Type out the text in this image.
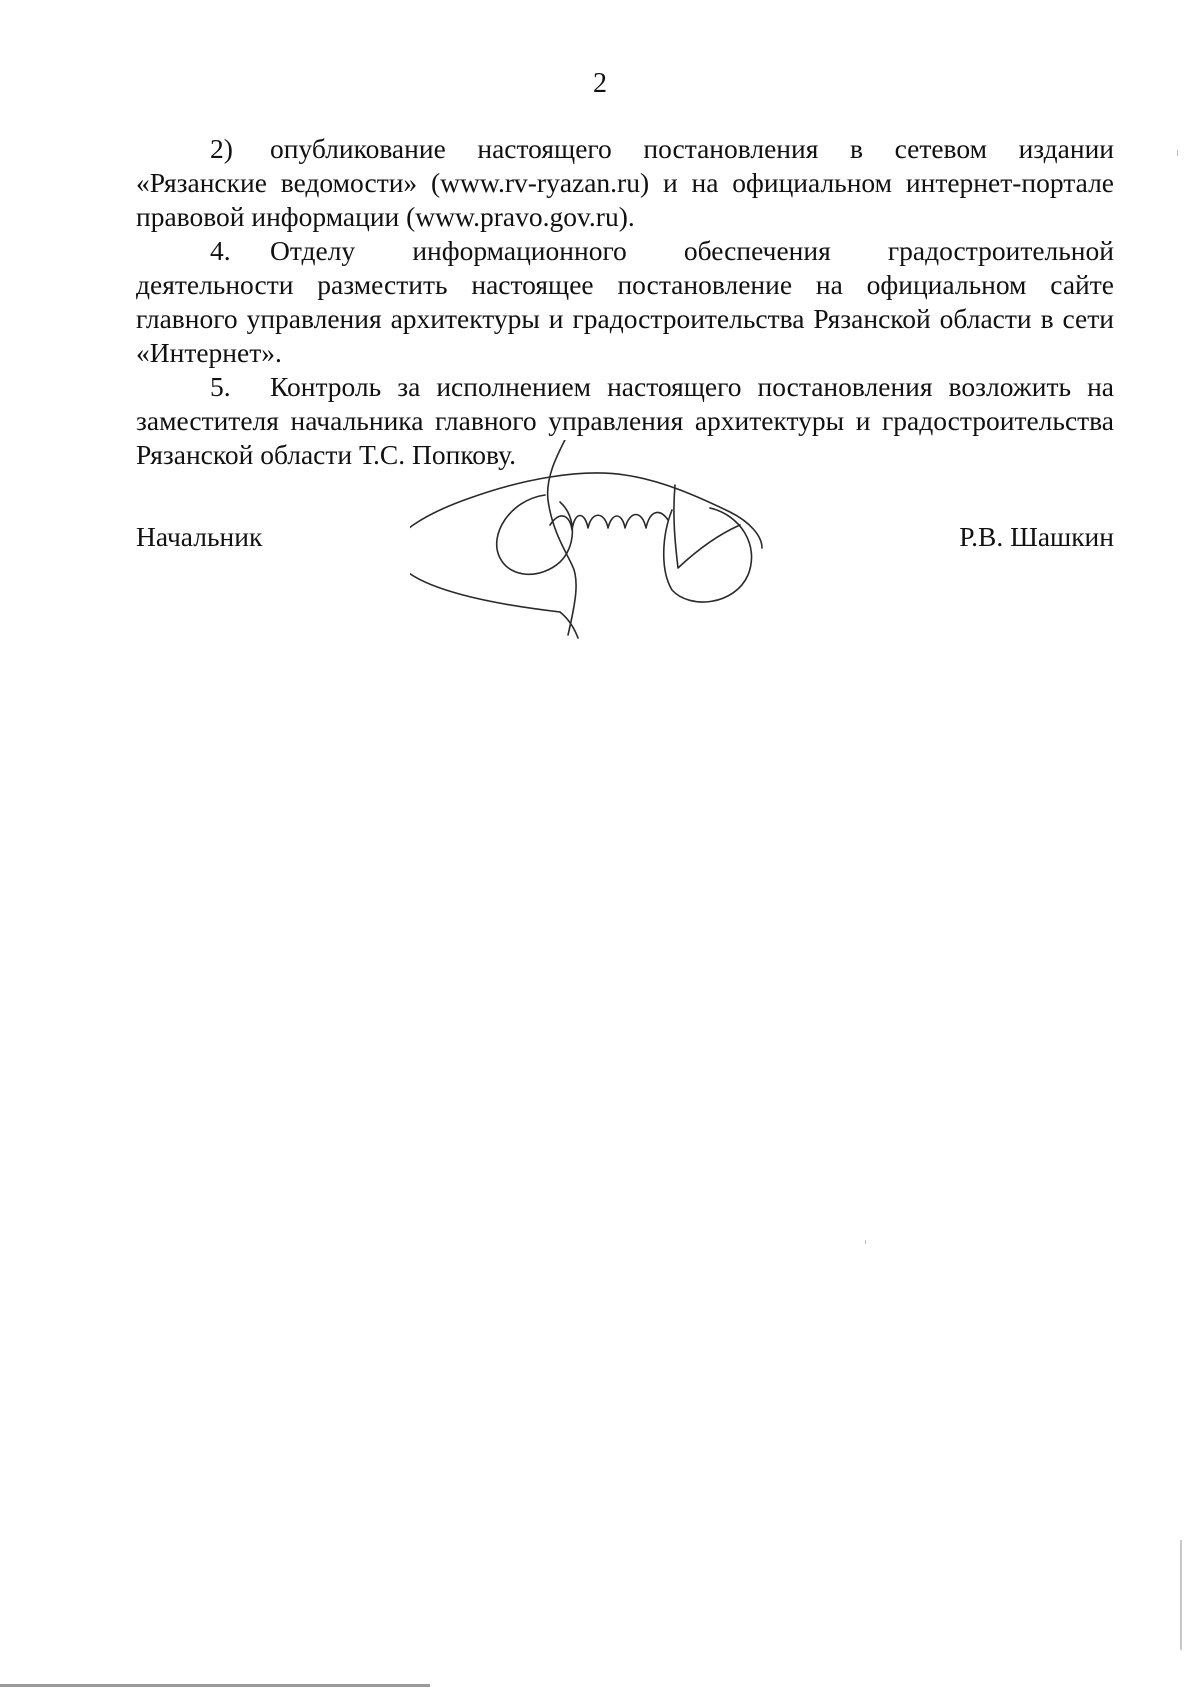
2

2) опубликование настоящего постановления в сетевом издании «Рязанские ведомости» (www.rv-ryazan.ru) и на официальном интернет-портале правовой информации (www.pravo.gov.ru).

4. Отделу информационного обеспечения градостроительной деятельности разместить настоящее постановление на официальном сайте главного управления архитектуры и градостроительства Рязанской области в сети «Интернет».

5. Контроль за исполнением настоящего постановления возложить на заместителя начальника главного управления архитектуры и градостроительства Рязанской области Т.С. Попкову.

Начальник	Р.В. Шашкин
